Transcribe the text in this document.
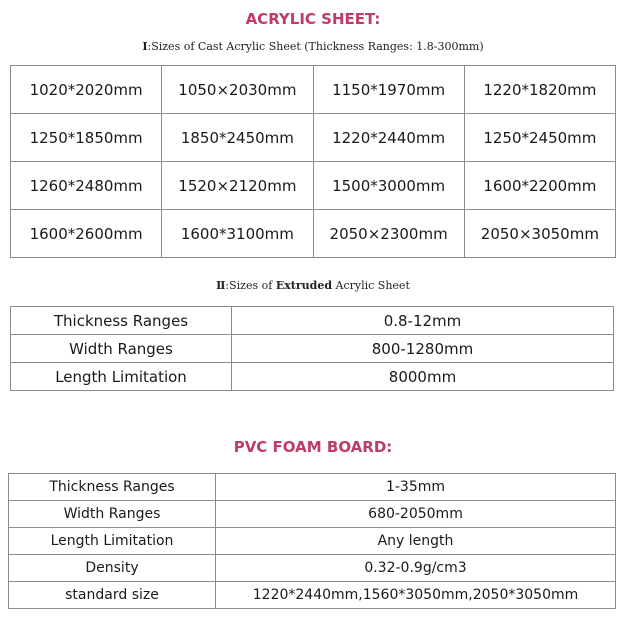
ACRYLIC SHEET:
Ⅰ:Sizes of Cast Acrylic Sheet (Thickness Ranges: 1.8-300mm)
1020*2020mm	1050×2030mm	1150*1970mm	1220*1820mm
1250*1850mm	1850*2450mm	1220*2440mm	1250*2450mm
1260*2480mm	1520×2120mm	1500*3000mm	1600*2200mm
1600*2600mm	1600*3100mm	2050×2300mm	2050×3050mm
Ⅱ:Sizes of Extruded Acrylic Sheet
Thickness Ranges	0.8-12mm
Width Ranges	800-1280mm
Length Limitation	8000mm
PVC FOAM BOARD:
Thickness Ranges	1-35mm
Width Ranges	680-2050mm
Length Limitation	Any length
Density	0.32-0.9g/cm3
standard size	1220*2440mm,1560*3050mm,2050*3050mm
